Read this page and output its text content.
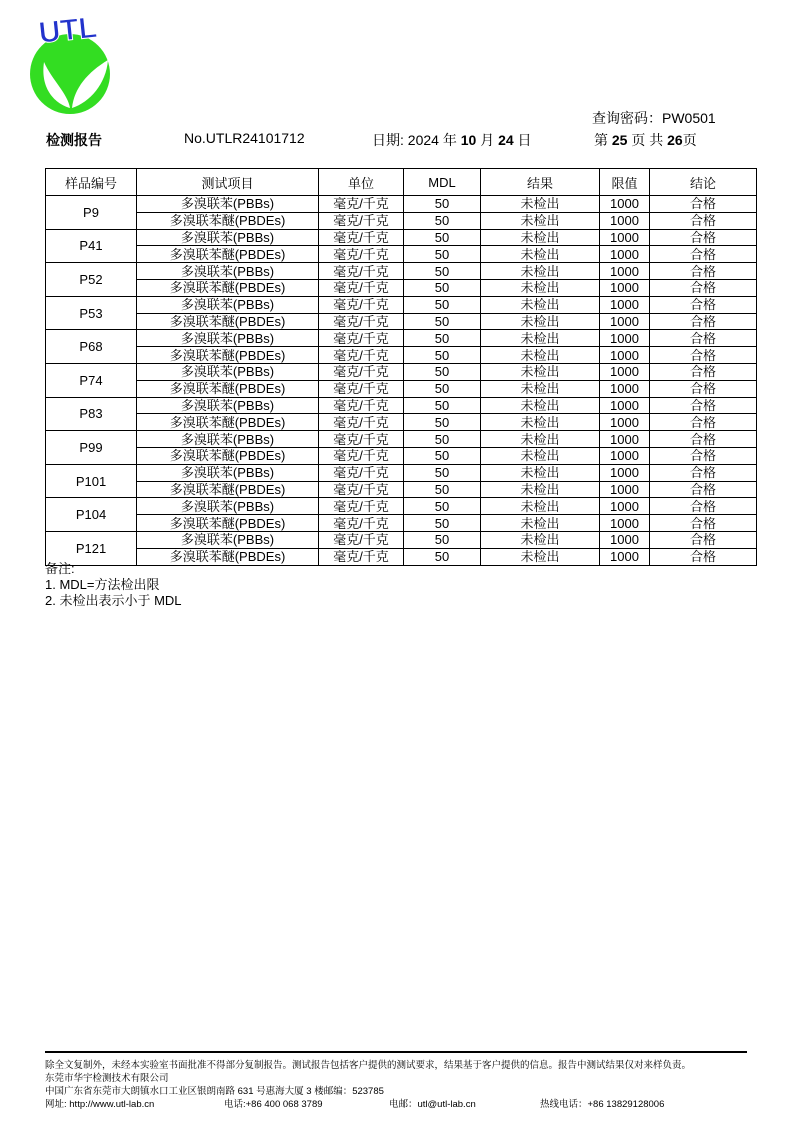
UTL
查询密码：PW0501
检测报告	No.UTLR24101712	日期: 2024 年 10 月 24 日	第 25 页 共 26页
样品编号	测试项目	单位	MDL	结果	限值	结论
P9	多溴联苯(PBBs)	毫克/千克	50	未检出	1000	合格
	多溴联苯醚(PBDEs)	毫克/千克	50	未检出	1000	合格
P41	多溴联苯(PBBs)	毫克/千克	50	未检出	1000	合格
	多溴联苯醚(PBDEs)	毫克/千克	50	未检出	1000	合格
P52	多溴联苯(PBBs)	毫克/千克	50	未检出	1000	合格
	多溴联苯醚(PBDEs)	毫克/千克	50	未检出	1000	合格
P53	多溴联苯(PBBs)	毫克/千克	50	未检出	1000	合格
	多溴联苯醚(PBDEs)	毫克/千克	50	未检出	1000	合格
P68	多溴联苯(PBBs)	毫克/千克	50	未检出	1000	合格
	多溴联苯醚(PBDEs)	毫克/千克	50	未检出	1000	合格
P74	多溴联苯(PBBs)	毫克/千克	50	未检出	1000	合格
	多溴联苯醚(PBDEs)	毫克/千克	50	未检出	1000	合格
P83	多溴联苯(PBBs)	毫克/千克	50	未检出	1000	合格
	多溴联苯醚(PBDEs)	毫克/千克	50	未检出	1000	合格
P99	多溴联苯(PBBs)	毫克/千克	50	未检出	1000	合格
	多溴联苯醚(PBDEs)	毫克/千克	50	未检出	1000	合格
P101	多溴联苯(PBBs)	毫克/千克	50	未检出	1000	合格
	多溴联苯醚(PBDEs)	毫克/千克	50	未检出	1000	合格
P104	多溴联苯(PBBs)	毫克/千克	50	未检出	1000	合格
	多溴联苯醚(PBDEs)	毫克/千克	50	未检出	1000	合格
P121	多溴联苯(PBBs)	毫克/千克	50	未检出	1000	合格
	多溴联苯醚(PBDEs)	毫克/千克	50	未检出	1000	合格
备注:
1. MDL=方法检出限
2. 未检出表示小于 MDL
除全文复制外，未经本实验室书面批准不得部分复制报告。测试报告包括客户提供的测试要求，结果基于客户提供的信息。报告中测试结果仅对来样负责。
东莞市华宇检测技术有限公司
中国广东省东莞市大朗镇水口工业区银朗南路 631 号惠海大厦 3 楼邮编：523785
网址: http://www.utl-lab.cn	电话:+86 400 068 3789	电邮：utl@utl-lab.cn	热线电话：+86 13829128006
